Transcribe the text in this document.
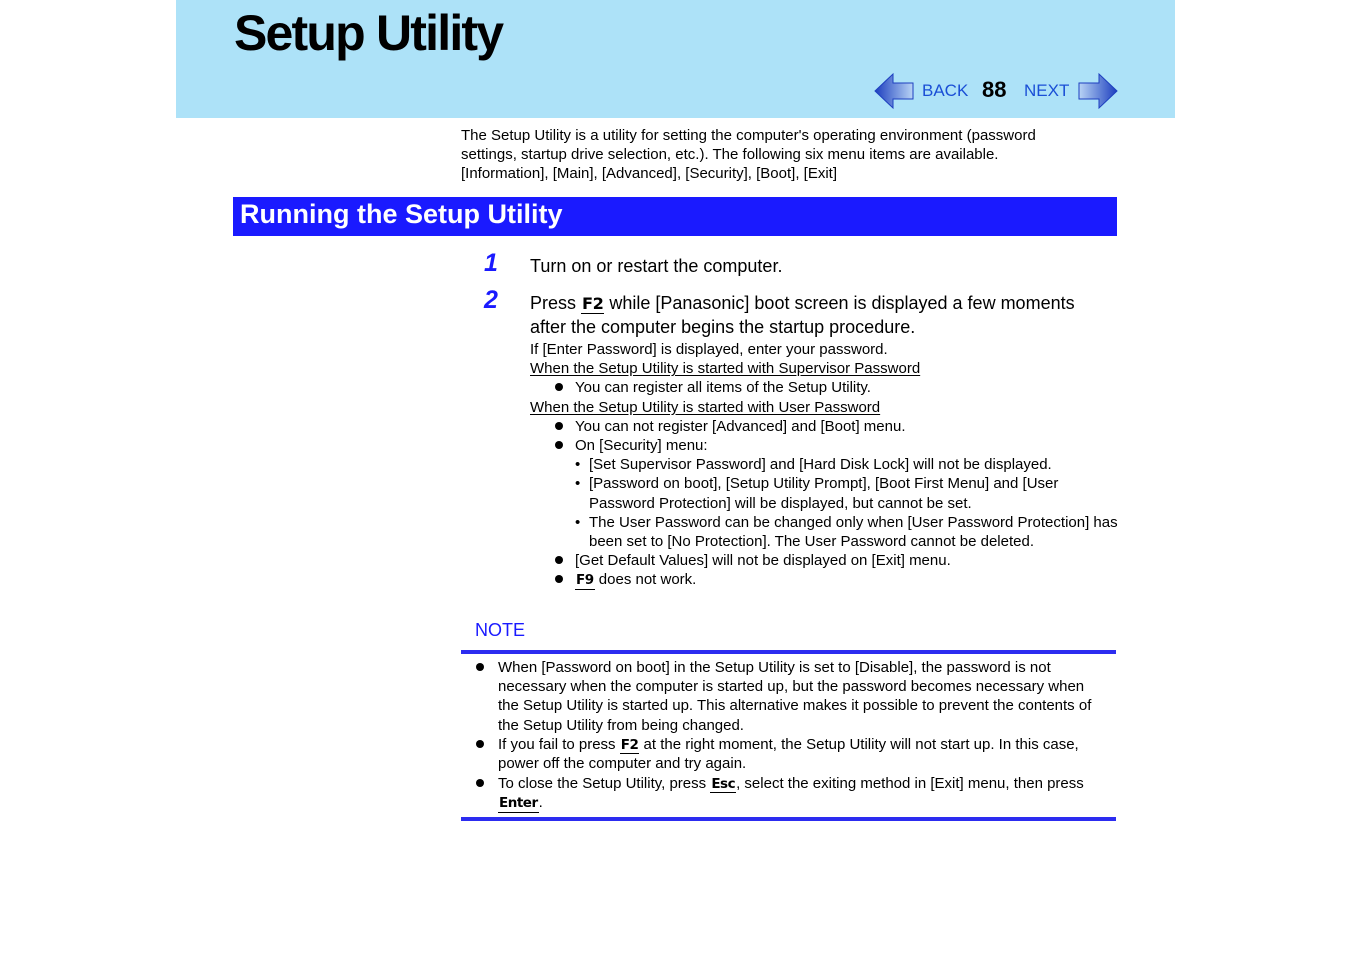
Setup Utility
BACK 88 NEXT

The Setup Utility is a utility for setting the computer's operating environment (password

settings, startup drive selection, etc.). The following six menu items are available.

[Information], [Main], [Advanced], [Security], [Boot], [Exit]

Running the Setup Utility
1 Turn on or restart the computer.
2 Press F2 while [Panasonic] boot screen is displayed a few moments
after the computer begins the startup procedure.

If [Enter Password] is displayed, enter your password.

When the Setup Utility is started with Supervisor Password

You can register all items of the Setup Utility.

When the Setup Utility is started with User Password

You can not register [Advanced] and [Boot] menu.
On [Security] menu:
• [Set Supervisor Password] and [Hard Disk Lock] will not be displayed.
• [Password on boot], [Setup Utility Prompt], [Boot First Menu] and [User Password Protection] will be displayed, but cannot be set.
• The User Password can be changed only when [User Password Protection] has been set to [No Protection]. The User Password cannot be deleted.
[Get Default Values] will not be displayed on [Exit] menu.
F9 does not work.
NOTE
When [Password on boot] in the Setup Utility is set to [Disable], the password is not necessary when the computer is started up, but the password becomes necessary when the Setup Utility is started up. This alternative makes it possible to prevent the contents of the Setup Utility from being changed.
If you fail to press F2 at the right moment, the Setup Utility will not start up. In this case, power off the computer and try again.
To close the Setup Utility, press Esc, select the exiting method in [Exit] menu, then press Enter.
